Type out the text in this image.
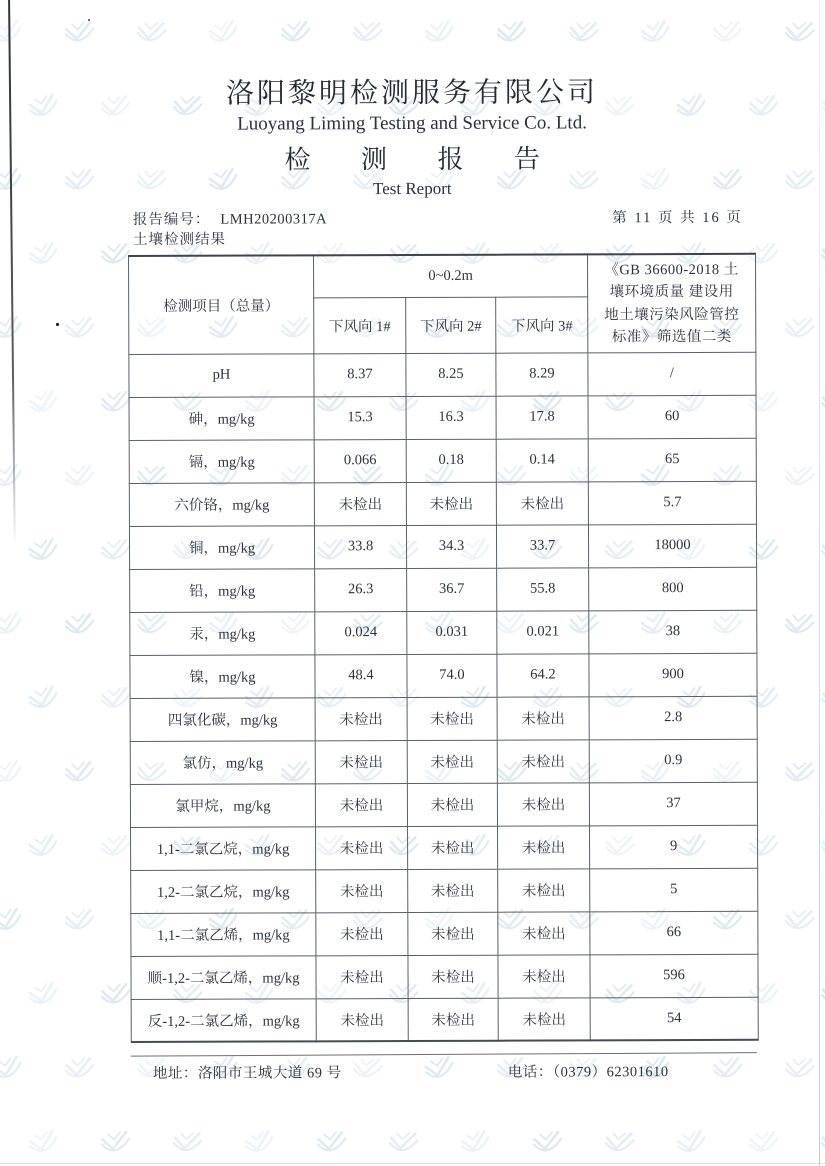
洛阳黎明检测服务有限公司
Luoyang Liming Testing and Service Co. Ltd.
检 测 报 告
Test Report
报告编号： LMH20200317A	第 11 页 共 16 页
土壤检测结果
检测项目（总量）	0~0.2m			《GB 36600-2018 土
壤环境质量 建设用
地土壤污染风险管控
标准》筛选值二类

	下风向 1#	下风向 2#	下风向 3#	
pH	8.37	8.25	8.29	/
砷，mg/kg	15.3	16.3	17.8	60
镉，mg/kg	0.066	0.18	0.14	65
六价铬，mg/kg	未检出	未检出	未检出	5.7
铜，mg/kg	33.8	34.3	33.7	18000
铅，mg/kg	26.3	36.7	55.8	800
汞，mg/kg	0.024	0.031	0.021	38
镍，mg/kg	48.4	74.0	64.2	900
四氯化碳，mg/kg	未检出	未检出	未检出	2.8
氯仿，mg/kg	未检出	未检出	未检出	0.9
氯甲烷，mg/kg	未检出	未检出	未检出	37
1,1-二氯乙烷，mg/kg	未检出	未检出	未检出	9
1,2-二氯乙烷，mg/kg	未检出	未检出	未检出	5
1,1-二氯乙烯，mg/kg	未检出	未检出	未检出	66
顺-1,2-二氯乙烯，mg/kg	未检出	未检出	未检出	596
反-1,2-二氯乙烯，mg/kg	未检出	未检出	未检出	54
地址：洛阳市王城大道 69 号	电话：（0379）62301610
